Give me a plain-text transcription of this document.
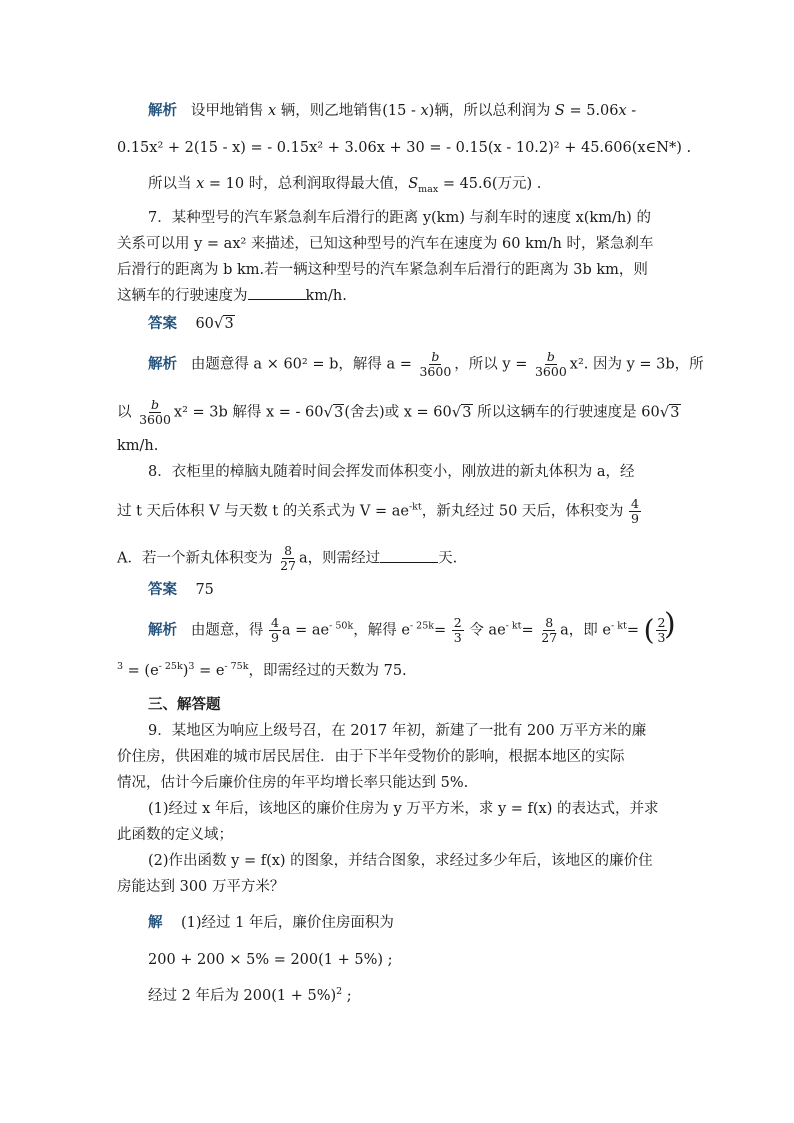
解析 设甲地销售 x 辆，则乙地销售(15 - x)辆，所以总利润为 S = 5.06x -
0.15x² + 2(15 - x) = - 0.15x² + 3.06x + 30 = - 0.15(x - 10.2)² + 45.606(x∈N*) .
所以当 x = 10 时，总利润取得最大值，$S_{max} = 45.6$(万元) .
7．某种型号的汽车紧急刹车后滑行的距离 y(km) 与刹车时的速度 x(km/h) 的
关系可以用 y = ax² 来描述，已知这种型号的汽车在速度为 60 km/h 时，紧急刹车
后滑行的距离为 b km.若一辆这种型号的汽车紧急刹车后滑行的距离为 3b km，则
这辆车的行驶速度为	km/h.
答案 60√3
解析 由题意得 a × 60² = b，解得 $a = \frac{b}{3600}$ ，所以 $y = \frac{b}{3600} x^2$. 因为 y = 3b，所
以 $\frac{b}{3600} x^2 = 3b$ 解得 x = - 60√3(舍去)或 x = 60√3 所以这辆车的行驶速度是 60√3
km/h.
8．衣柜里的樟脑丸随着时间会挥发而体积变小，刚放进的新丸体积为 a，经
过 t 天后体积 V 与天数 t 的关系式为 $V = ae^{-kt}$，新丸经过 50 天后，体积变为 $\frac{4}{9}$
A．若一个新丸体积变为 $\frac{8}{27}$ a，则需经过	天.
答案 75
解析 由题意，得 $\frac{4}{9}$ $a = ae^{- 50k}$，解得 $e^{- 25k}= \frac{2}{3}$ 令 $ae^{- kt}= \frac{8}{27}$ a，即 $e^{- kt}=$ ( $\frac{2}{3}$
)
$^3 = (e^{- 25k})^3 = e^{- 75k}$，即需经过的天数为 75.
三、解答题
9．某地区为响应上级号召，在 2017 年初，新建了一批有 200 万平方米的廉
价住房，供困难的城市居民居住．由于下半年受物价的影响，根据本地区的实际
情况，估计今后廉价住房的年平均增长率只能达到 5%.
(1)经过 x 年后，该地区的廉价住房为 y 万平方米，求 y = f(x) 的表达式，并求
此函数的定义域；
(2)作出函数 y = f(x) 的图象，并结合图象，求经过多少年后，该地区的廉价住
房能达到 300 万平方米？
解 (1)经过 1 年后，廉价住房面积为
200 + 200 × 5% = 200(1 + 5%) ;
经过 2 年后为 $200(1 + 5\%)^2$ ;
